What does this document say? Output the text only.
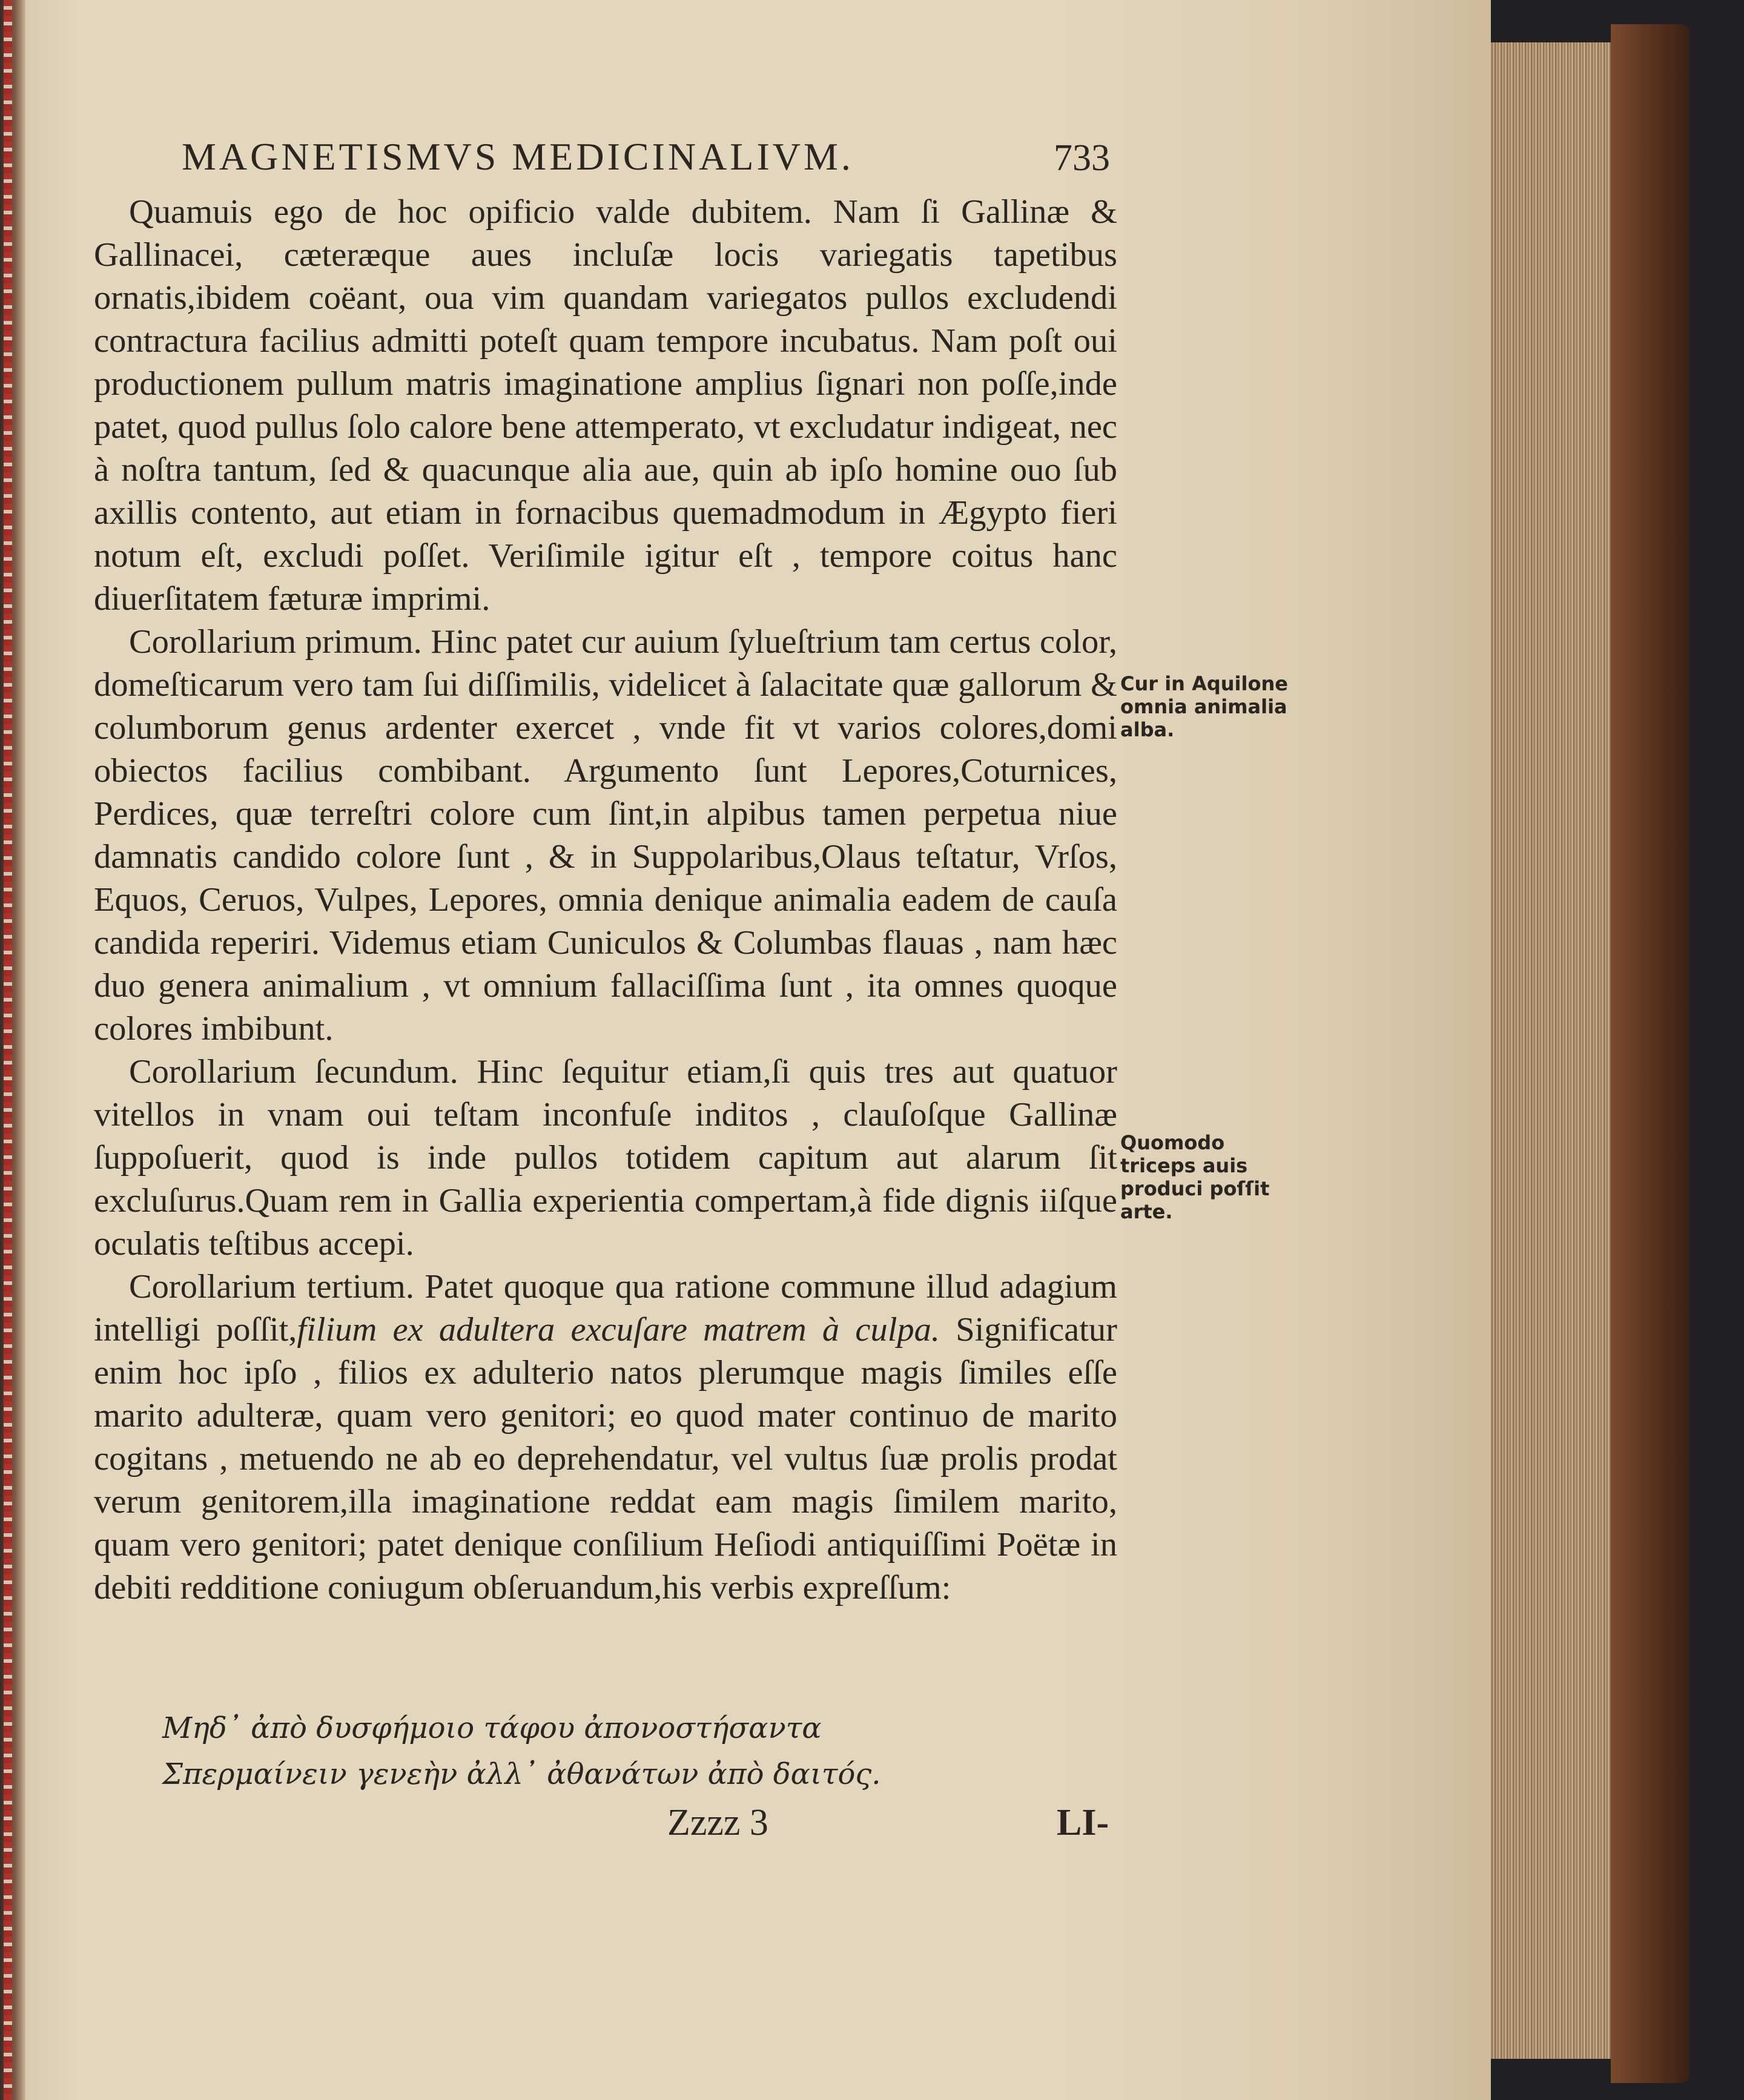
MAGNETISMVS MEDICINALIVM.	733

Quamuis ego de hoc opificio valde dubitem. Nam ſi Gallinæ & Gallinacei, cæteræque aues incluſæ locis variegatis tapetibus ornatis,ibidem coëant, oua vim quandam variegatos pullos excludendi contractura facilius admitti poteſt quam tempore incubatus. Nam poſt oui productionem pullum matris imaginatione amplius ſignari non poſſe,inde patet, quod pullus ſolo calore bene attemperato, vt excludatur indigeat, nec à noſtra tantum, ſed & quacunque alia aue, quin ab ipſo homine ouo ſub axillis contento, aut etiam in fornacibus quemadmodum in Ægypto fieri notum eſt, excludi poſſet. Veriſimile igitur eſt , tempore coitus hanc diuerſitatem fæturæ imprimi.

Corollarium primum. Hinc patet cur auium ſylueſtrium tam certus color, domeſticarum vero tam ſui diſſimilis, videlicet à ſalacitate quæ gallorum & columborum genus ardenter exercet , vnde fit vt varios colores,domi obiectos facilius combibant. Argumento ſunt Lepores,Coturnices, Perdices, quæ terreſtri colore cum ſint,in alpibus tamen perpetua niue damnatis candido colore ſunt , & in Suppolaribus,Olaus teſtatur, Vrſos, Equos, Ceruos, Vulpes, Lepores, omnia denique animalia eadem de cauſa candida reperiri. Videmus etiam Cuniculos & Columbas flauas , nam hæc duo genera animalium , vt omnium fallaciſſima ſunt , ita omnes quoque colores imbibunt.

Corollarium ſecundum. Hinc ſequitur etiam,ſi quis tres aut quatuor vitellos in vnam oui teſtam inconfuſe inditos , clauſoſque Gallinæ ſuppoſuerit, quod is inde pullos totidem capitum aut alarum ſit excluſurus.Quam rem in Gallia experientia compertam,à fide dignis iiſque oculatis teſtibus accepi.

Corollarium tertium. Patet quoque qua ratione commune illud adagium intelligi poſſit,filium ex adultera excuſare matrem à culpa. Significatur enim hoc ipſo , filios ex adulterio natos plerumque magis ſimiles eſſe marito adulteræ, quam vero genitori; eo quod mater continuo de marito cogitans , metuendo ne ab eo deprehendatur, vel vultus ſuæ prolis prodat verum genitorem,illa imaginatione reddat eam magis ſimilem marito, quam vero genitori; patet denique conſilium Heſiodi antiquiſſimi Poëtæ in debiti redditione coniugum obſeruandum,his verbis expreſſum:

Μηδ᾽ ἀπὸ δυσφήμοιο τάφου ἀπονοστήσαντα
Σπερμαίνειν γενεὴν ἀλλ᾽ ἀθανάτων ἀπὸ δαιτός.
Zzzz 3	LI-
Cur in Aquilone omnia animalia alba.
Quomodo triceps auis produci poſſit arte.
